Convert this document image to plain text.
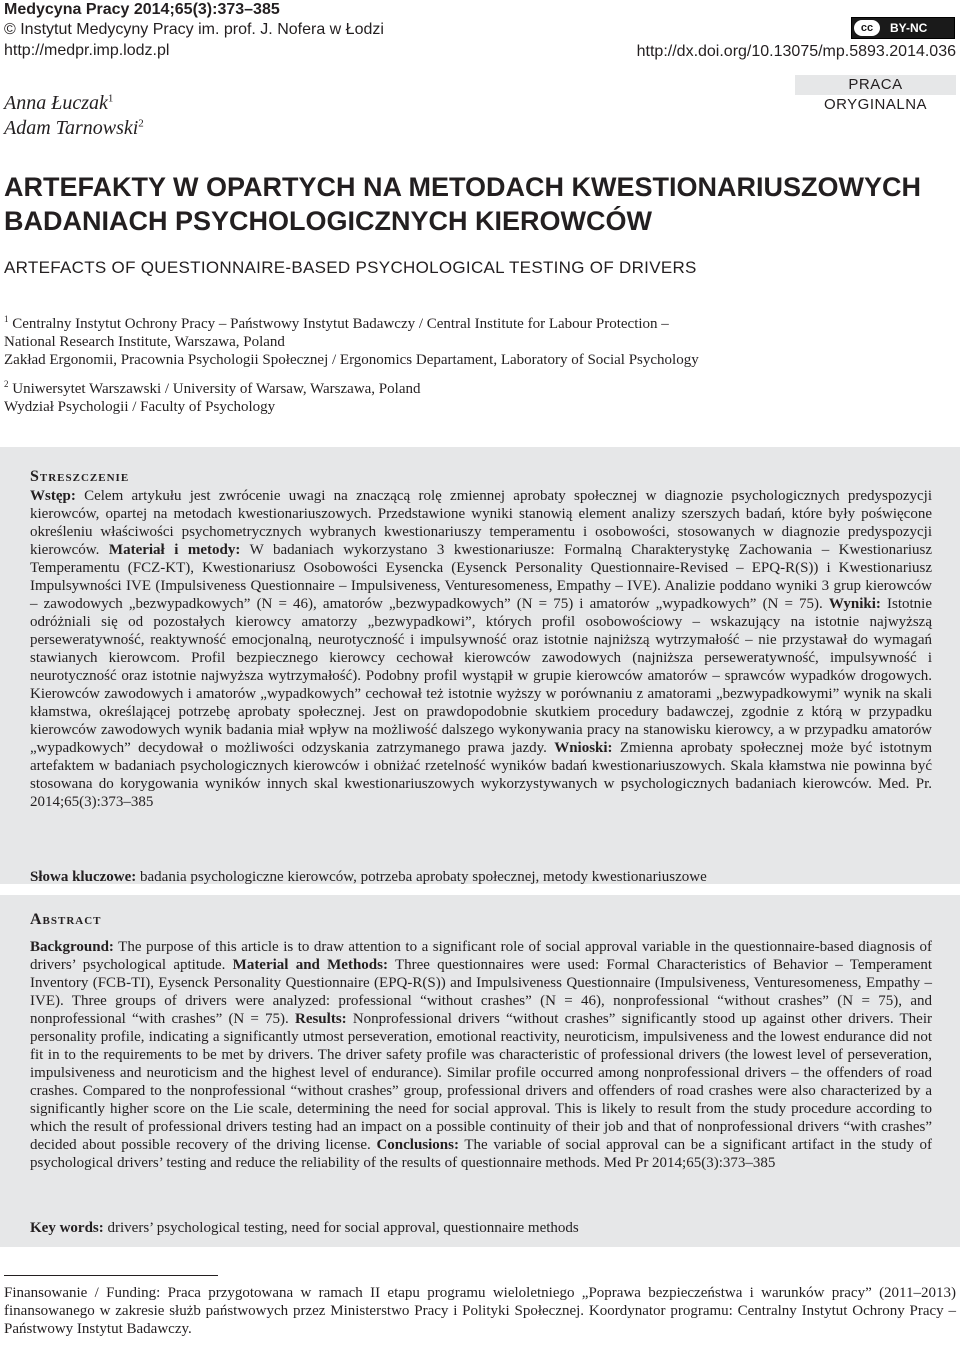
Medycyna Pracy 2014;65(3):373–385
© Instytut Medycyny Pracy im. prof. J. Nofera w Łodzi
http://medpr.imp.lodz.pl
cc	BY-NC
http://dx.doi.org/10.13075/mp.5893.2014.036
PRACA ORYGINALNA
Anna Łuczak$^1$
Adam Tarnowski$^2$
ARTEFAKTY W OPARTYCH NA METODACH KWESTIONARIUSZOWYCH BADANIACH PSYCHOLOGICZNYCH KIEROWCÓW
ARTEFACTS OF QUESTIONNAIRE-BASED PSYCHOLOGICAL TESTING OF DRIVERS
$^1$ Centralny Instytut Ochrony Pracy – Państwowy Instytut Badawczy / Central Institute for Labour Protection –
National Research Institute, Warszawa, Poland
Zakład Ergonomii, Pracownia Psychologii Społecznej / Ergonomics Departament, Laboratory of Social Psychology
$^2$ Uniwersytet Warszawski / University of Warsaw, Warszawa, Poland
Wydział Psychologii / Faculty of Psychology
Streszczenie
Wstęp: Celem artykułu jest zwrócenie uwagi na znaczącą rolę zmiennej aprobaty społecznej w diagnozie psychologicznych predyspozycji kierowców, opartej na metodach kwestionariuszowych. Przedstawione wyniki stanowią element analizy szerszych badań, które były poświęcone określeniu właściwości psychometrycznych wybranych kwestionariuszy temperamentu i osobowości, stosowanych w diagnozie predyspozycji kierowców. Materiał i metody: W badaniach wykorzystano 3 kwestionariusze: Formalną Charakterystykę Zachowania – Kwestionariusz Temperamentu (FCZ-KT), Kwestionariusz Osobowości Eysencka (Eysenck Personality Questionnaire-Revised – EPQ-R(S)) i Kwestionariusz Impulsywności IVE (Impulsiveness Questionnaire – Impulsiveness, Venturesomeness, Empathy – IVE). Analizie poddano wyniki 3 grup kierowców – zawodowych „bezwypadkowych” (N = 46), amatorów „bezwypadkowych” (N = 75) i amatorów „wypadkowych” (N = 75). Wyniki: Istotnie odróżniali się od pozostałych kierowcy amatorzy „bezwypadkowi”, których profil osobowościowy – wskazujący na istotnie najwyższą perseweratywność, reaktywność emocjonalną, neurotyczność i impulsywność oraz istotnie najniższą wytrzymałość – nie przystawał do wymagań stawianych kierowcom. Profil bezpiecznego kierowcy cechował kierowców zawodowych (najniższa perseweratywność, impulsywność i neurotyczność oraz istotnie najwyższa wytrzymałość). Podobny profil wystąpił w grupie kierowców amatorów – sprawców wypadków drogowych. Kierowców zawodowych i amatorów „wypadkowych” cechował też istotnie wyższy w porównaniu z amatorami „bezwypadkowymi” wynik na skali kłamstwa, określającej potrzebę aprobaty społecznej. Jest on prawdopodobnie skutkiem procedury badawczej, zgodnie z którą w przypadku kierowców zawodowych wynik badania miał wpływ na możliwość dalszego wykonywania pracy na stanowisku kierowcy, a w przypadku amatorów „wypadkowych” decydował o możliwości odzyskania zatrzymanego prawa jazdy. Wnioski: Zmienna aprobaty społecznej może być istotnym artefaktem w badaniach psychologicznych kierowców i obniżać rzetelność wyników badań kwestionariuszowych. Skala kłamstwa nie powinna być stosowana do korygowania wyników innych skal kwestionariuszowych wykorzystywanych w psychologicznych badaniach kierowców. Med. Pr. 2014;65(3):373–385
Słowa kluczowe: badania psychologiczne kierowców, potrzeba aprobaty społecznej, metody kwestionariuszowe
Abstract
Background: The purpose of this article is to draw attention to a significant role of social approval variable in the questionnaire-based diagnosis of drivers’ psychological aptitude. Material and Methods: Three questionnaires were used: Formal Characteristics of Behavior – Temperament Inventory (FCB-TI), Eysenck Personality Questionnaire (EPQ-R(S)) and Impulsiveness Questionnaire (Impulsiveness, Venturesomeness, Empathy – IVE). Three groups of drivers were analyzed: professional “without crashes” (N = 46), nonprofessional “without crashes” (N = 75), and nonprofessional “with crashes” (N = 75). Results: Nonprofessional drivers “without crashes” significantly stood up against other drivers. Their personality profile, indicating a significantly utmost perseveration, emotional reactivity, neuroticism, impulsiveness and the lowest endurance did not fit in to the requirements to be met by drivers. The driver safety profile was characteristic of professional drivers (the lowest level of perseveration, impulsiveness and neuroticism and the highest level of endurance). Similar profile occurred among nonprofessional drivers – the offenders of road crashes. Compared to the nonprofessional “without crashes” group, professional drivers and offenders of road crashes were also characterized by a significantly higher score on the Lie scale, determining the need for social approval. This is likely to result from the study procedure according to which the result of professional drivers testing had an impact on a possible continuity of their job and that of nonprofessional drivers “with crashes” decided about possible recovery of the driving license. Conclusions: The variable of social approval can be a significant artifact in the study of psychological drivers’ testing and reduce the reliability of the results of questionnaire methods. Med Pr 2014;65(3):373–385
Key words: drivers’ psychological testing, need for social approval, questionnaire methods
Finansowanie / Funding: Praca przygotowana w ramach II etapu programu wieloletniego „Poprawa bezpieczeństwa i warunków pracy” (2011–2013) finansowanego w zakresie służb państwowych przez Ministerstwo Pracy i Polityki Społecznej. Koordynator programu: Centralny Instytut Ochrony Pracy – Państwowy Instytut Badawczy.
